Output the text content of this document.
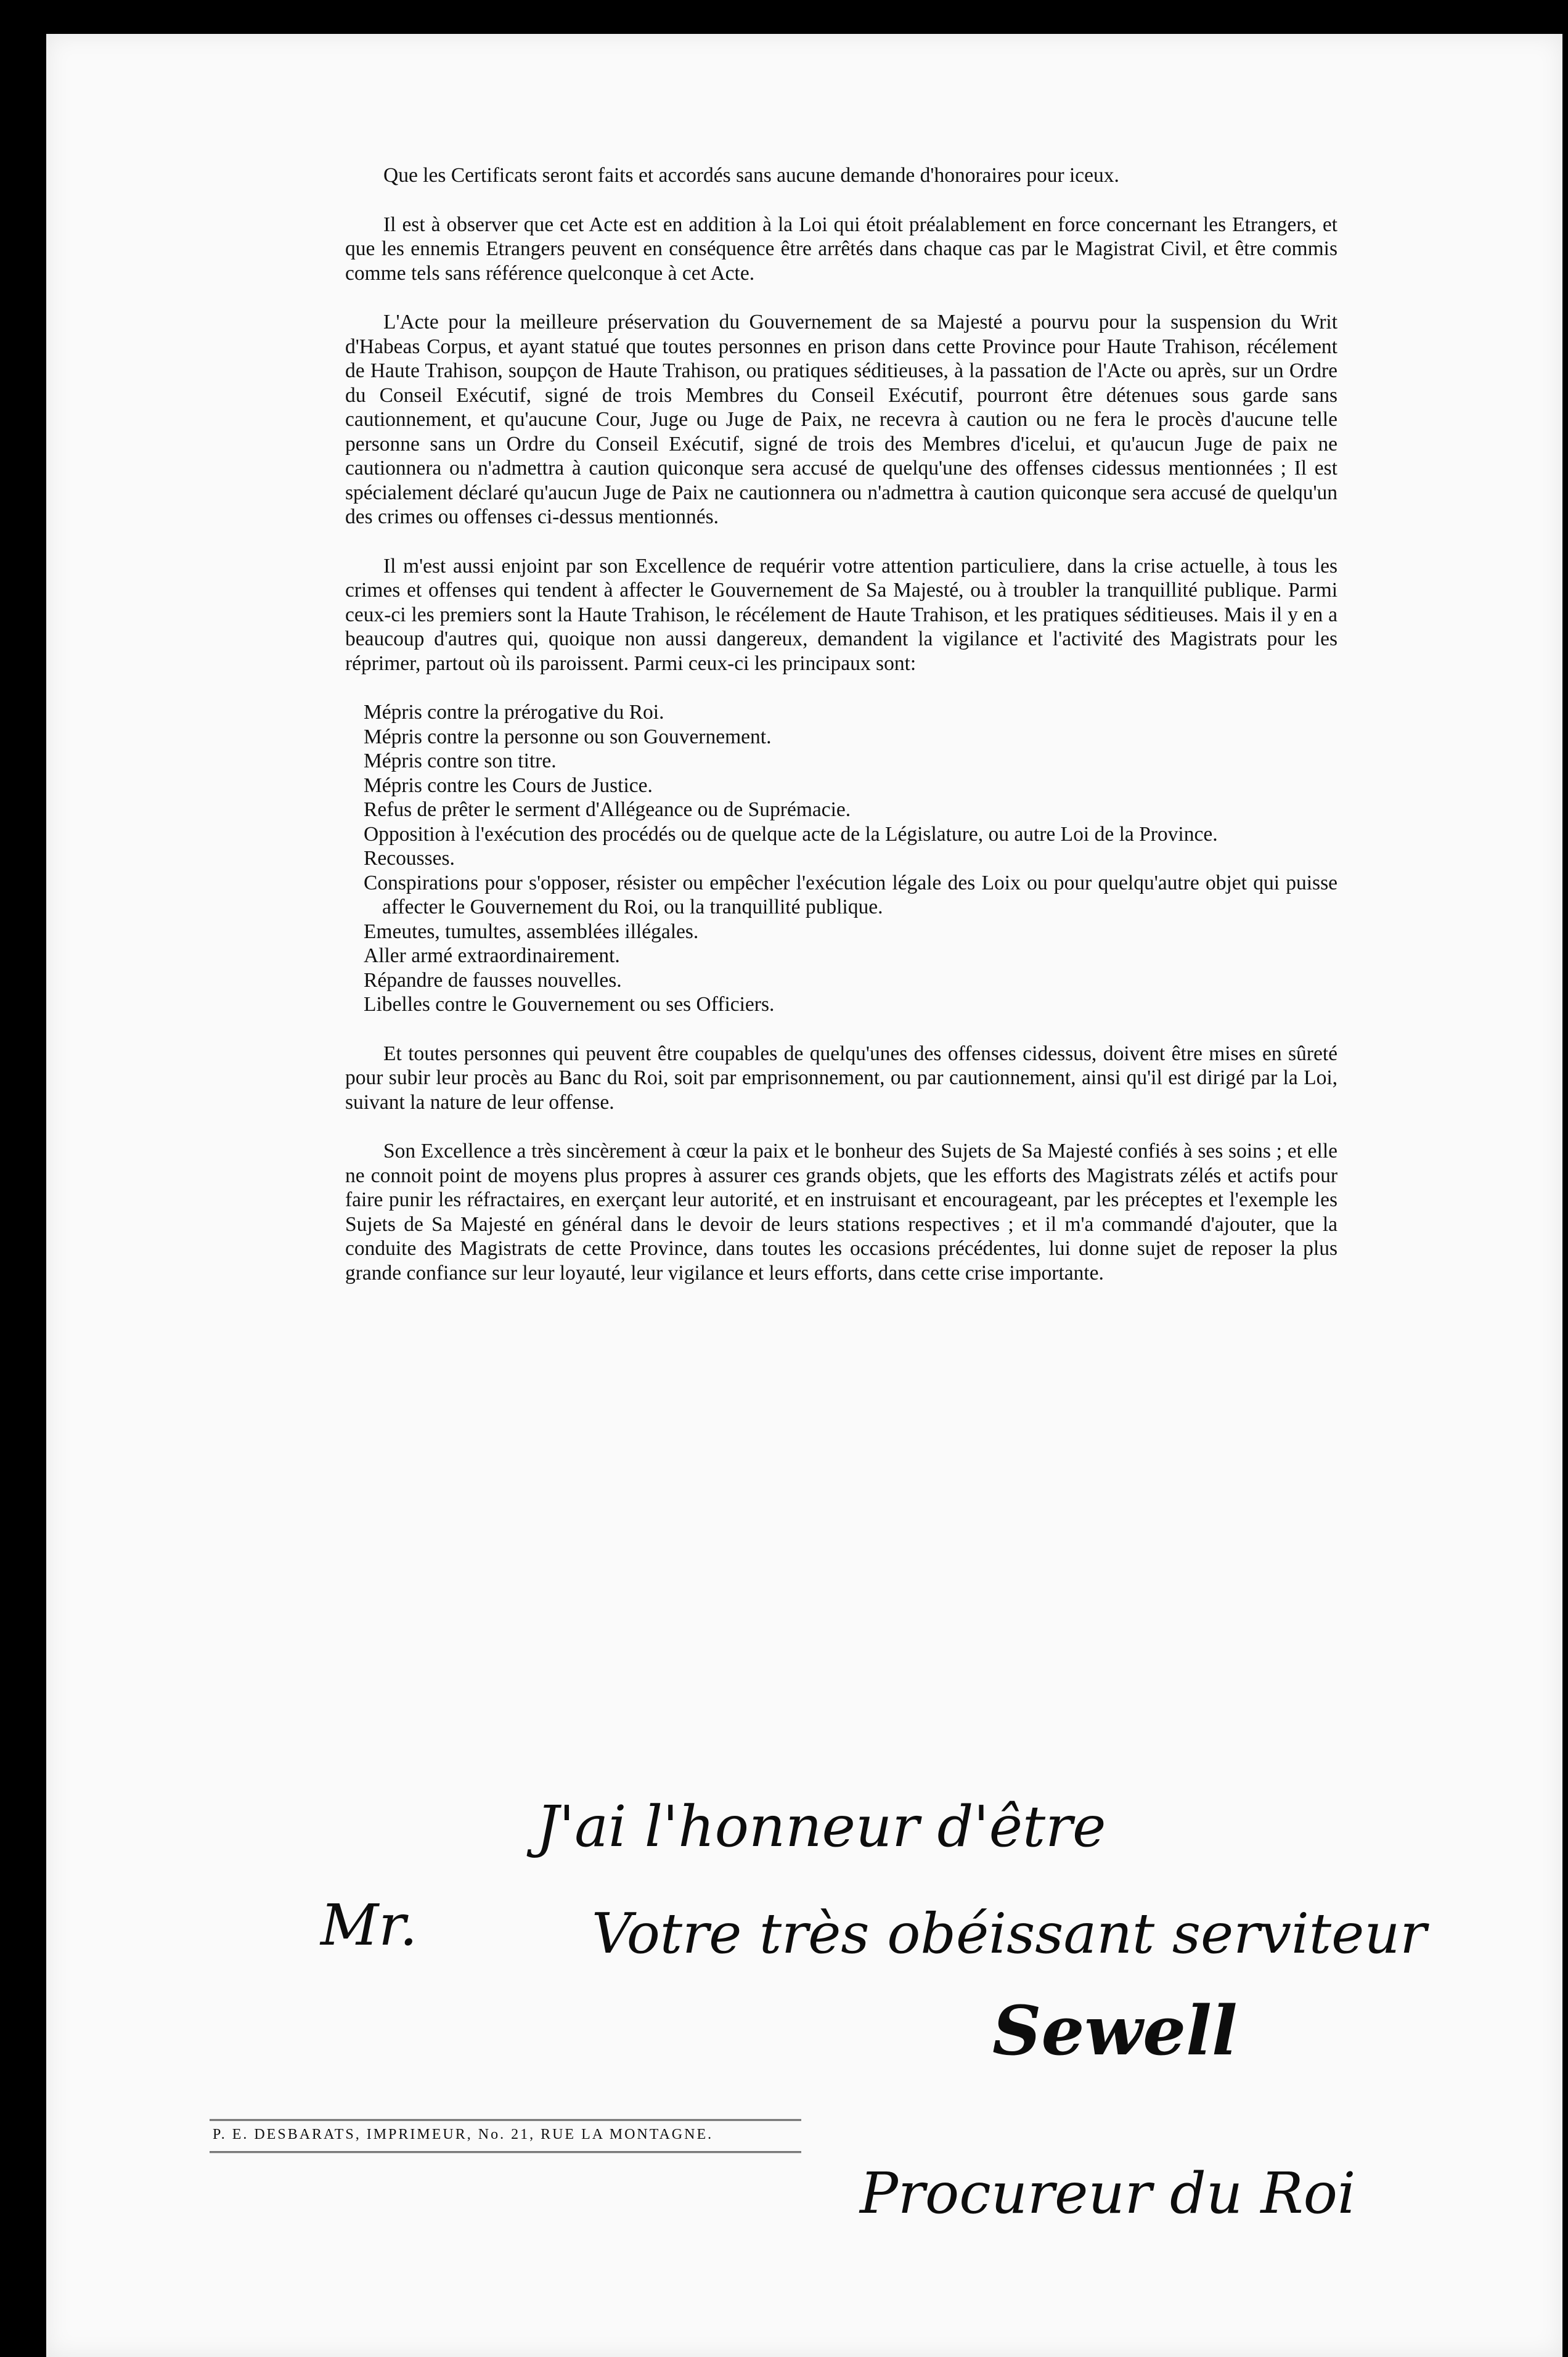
Que les Certificats seront faits et accordés sans aucune demande d'honoraires pour iceux.

Il est à observer que cet Acte est en addition à la Loi qui étoit préalablement en force concernant les Etrangers, et que les ennemis Etrangers peuvent en conséquence être arrêtés dans chaque cas par le Magistrat Civil, et être commis comme tels sans référence quelconque à cet Acte.

L'Acte pour la meilleure préservation du Gouvernement de sa Majesté a pourvu pour la suspension du Writ d'Habeas Corpus, et ayant statué que toutes personnes en prison dans cette Province pour Haute Trahison, récélement de Haute Trahison, soupçon de Haute Trahison, ou pratiques séditieuses, à la passation de l'Acte ou après, sur un Ordre du Conseil Exécutif, signé de trois Membres du Conseil Exécutif, pourront être détenues sous garde sans cautionnement, et qu'aucune Cour, Juge ou Juge de Paix, ne recevra à caution ou ne fera le procès d'aucune telle personne sans un Ordre du Conseil Exécutif, signé de trois des Membres d'icelui, et qu'aucun Juge de paix ne cautionnera ou n'admettra à caution quiconque sera accusé de quelqu'une des offenses cidessus mentionnées ; Il est spécialement déclaré qu'aucun Juge de Paix ne cautionnera ou n'admettra à caution quiconque sera accusé de quelqu'un des crimes ou offenses ci-dessus mentionnés.

Il m'est aussi enjoint par son Excellence de requérir votre attention particuliere, dans la crise actuelle, à tous les crimes et offenses qui tendent à affecter le Gouvernement de Sa Majesté, ou à troubler la tranquillité publique. Parmi ceux-ci les premiers sont la Haute Trahison, le récélement de Haute Trahison, et les pratiques séditieuses. Mais il y en a beaucoup d'autres qui, quoique non aussi dangereux, demandent la vigilance et l'activité des Magistrats pour les réprimer, partout où ils paroissent. Parmi ceux-ci les principaux sont:

Mépris contre la prérogative du Roi.
Mépris contre la personne ou son Gouvernement.
Mépris contre son titre.
Mépris contre les Cours de Justice.
Refus de prêter le serment d'Allégeance ou de Suprémacie.
Opposition à l'exécution des procédés ou de quelque acte de la Législature, ou autre Loi de la Province.
Recousses.
Conspirations pour s'opposer, résister ou empêcher l'exécution légale des Loix ou pour quelqu'autre objet qui puisse affecter le Gouvernement du Roi, ou la tranquillité publique.
Emeutes, tumultes, assemblées illégales.
Aller armé extraordinairement.
Répandre de fausses nouvelles.
Libelles contre le Gouvernement ou ses Officiers.

Et toutes personnes qui peuvent être coupables de quelqu'unes des offenses cidessus, doivent être mises en sûreté pour subir leur procès au Banc du Roi, soit par emprisonnement, ou par cautionnement, ainsi qu'il est dirigé par la Loi, suivant la nature de leur offense.

Son Excellence a très sincèrement à cœur la paix et le bonheur des Sujets de Sa Majesté confiés à ses soins ; et elle ne connoit point de moyens plus propres à assurer ces grands objets, que les efforts des Magistrats zélés et actifs pour faire punir les réfractaires, en exerçant leur autorité, et en instruisant et encourageant, par les préceptes et l'exemple les Sujets de Sa Majesté en général dans le devoir de leurs stations respectives ; et il m'a commandé d'ajouter, que la conduite des Magistrats de cette Province, dans toutes les occasions précédentes, lui donne sujet de reposer la plus grande confiance sur leur loyauté, leur vigilance et leurs efforts, dans cette crise importante.

J'ai l'honneur d'être
Mr.	Votre très obéissant serviteur
Sewell
Procureur du Roi
P. E. DESBARATS, IMPRIMEUR, No. 21, RUE LA MONTAGNE.
